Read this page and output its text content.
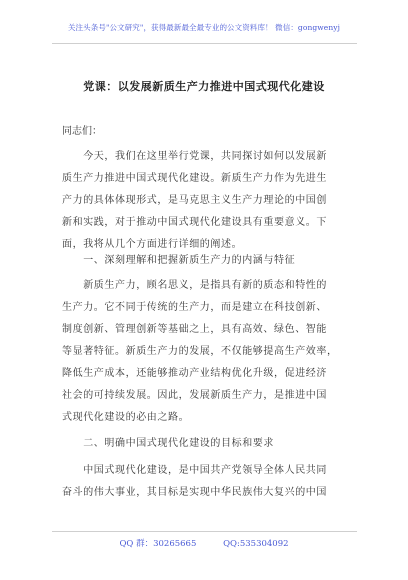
关注头条号"公文研究"，获得最新最全最专业的公文资料库！ 微信：gongwenyj
党课：以发展新质生产力推进中国式现代化建设
同志们：
　　今天，我们在这里举行党课，共同探讨如何以发展新
质生产力推进中国式现代化建设。新质生产力作为先进生
产力的具体体现形式，是马克思主义生产力理论的中国创
新和实践，对于推动中国式现代化建设具有重要意义。下
面，我将从几个方面进行详细的阐述。
　　一、深刻理解和把握新质生产力的内涵与特征
　　新质生产力，顾名思义，是指具有新的质态和特性的
生产力。它不同于传统的生产力，而是建立在科技创新、
制度创新、管理创新等基础之上，具有高效、绿色、智能
等显著特征。新质生产力的发展，不仅能够提高生产效率，
降低生产成本，还能够推动产业结构优化升级，促进经济
社会的可持续发展。因此，发展新质生产力，是推进中国
式现代化建设的必由之路。
　　二、明确中国式现代化建设的目标和要求
　　中国式现代化建设，是中国共产党领导全体人民共同
奋斗的伟大事业，其目标是实现中华民族伟大复兴的中国
QQ 群：30265665	QQ:535304092
